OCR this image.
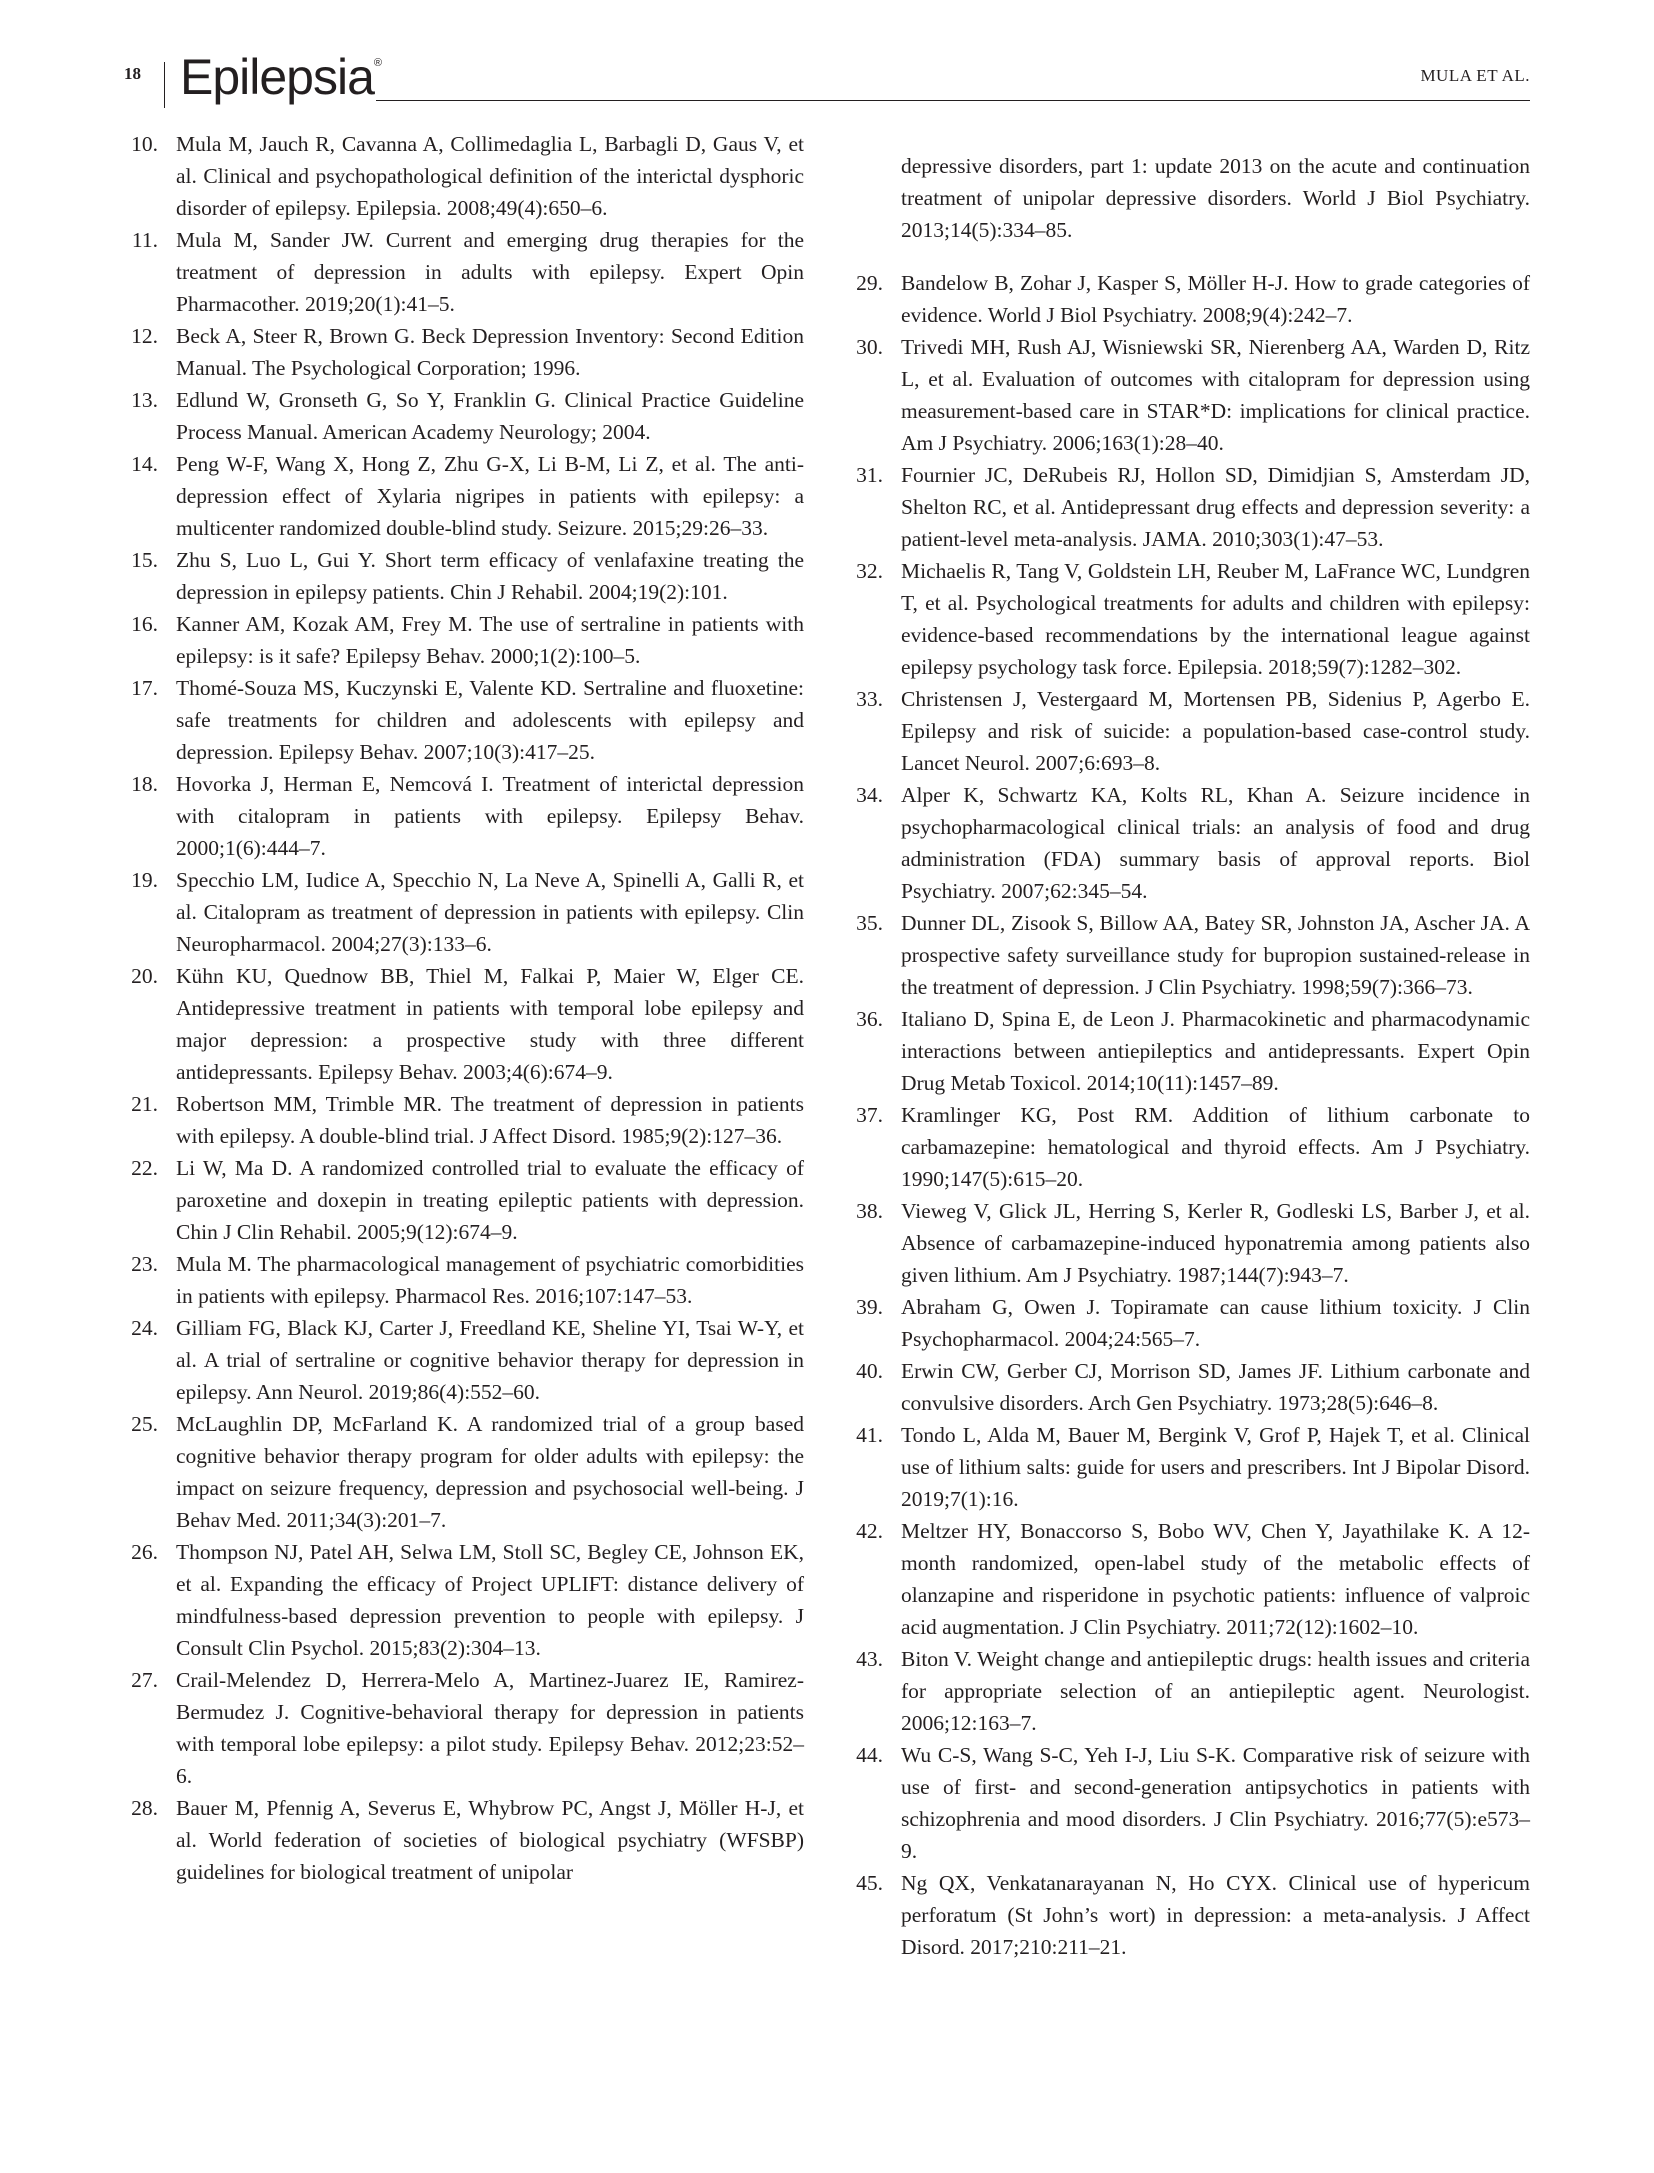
18 Epilepsia®
MULA ET AL.
10. Mula M, Jauch R, Cavanna A, Collimedaglia L, Barbagli D, Gaus V, et al. Clinical and psychopathological definition of the interictal dysphoric disorder of epilepsy. Epilepsia. 2008;49(4):650–6.
11. Mula M, Sander JW. Current and emerging drug therapies for the treatment of depression in adults with epilepsy. Expert Opin Pharmacother. 2019;20(1):41–5.
12. Beck A, Steer R, Brown G. Beck Depression Inventory: Second Edition Manual. The Psychological Corporation; 1996.
13. Edlund W, Gronseth G, So Y, Franklin G. Clinical Practice Guideline Process Manual. American Academy Neurology; 2004.
14. Peng W-F, Wang X, Hong Z, Zhu G-X, Li B-M, Li Z, et al. The anti-depression effect of Xylaria nigripes in patients with epilepsy: a multicenter randomized double-blind study. Seizure. 2015;29:26–33.
15. Zhu S, Luo L, Gui Y. Short term efficacy of venlafaxine treating the depression in epilepsy patients. Chin J Rehabil. 2004;19(2):101.
16. Kanner AM, Kozak AM, Frey M. The use of sertraline in patients with epilepsy: is it safe? Epilepsy Behav. 2000;1(2):100–5.
17. Thomé-Souza MS, Kuczynski E, Valente KD. Sertraline and fluoxetine: safe treatments for children and adolescents with epilepsy and depression. Epilepsy Behav. 2007;10(3):417–25.
18. Hovorka J, Herman E, Nemcová I. Treatment of interictal depression with citalopram in patients with epilepsy. Epilepsy Behav. 2000;1(6):444–7.
19. Specchio LM, Iudice A, Specchio N, La Neve A, Spinelli A, Galli R, et al. Citalopram as treatment of depression in patients with epilepsy. Clin Neuropharmacol. 2004;27(3):133–6.
20. Kühn KU, Quednow BB, Thiel M, Falkai P, Maier W, Elger CE. Antidepressive treatment in patients with temporal lobe epilepsy and major depression: a prospective study with three different antidepressants. Epilepsy Behav. 2003;4(6):674–9.
21. Robertson MM, Trimble MR. The treatment of depression in patients with epilepsy. A double-blind trial. J Affect Disord. 1985;9(2):127–36.
22. Li W, Ma D. A randomized controlled trial to evaluate the efficacy of paroxetine and doxepin in treating epileptic patients with depression. Chin J Clin Rehabil. 2005;9(12):674–9.
23. Mula M. The pharmacological management of psychiatric comorbidities in patients with epilepsy. Pharmacol Res. 2016;107:147–53.
24. Gilliam FG, Black KJ, Carter J, Freedland KE, Sheline YI, Tsai W-Y, et al. A trial of sertraline or cognitive behavior therapy for depression in epilepsy. Ann Neurol. 2019;86(4):552–60.
25. McLaughlin DP, McFarland K. A randomized trial of a group based cognitive behavior therapy program for older adults with epilepsy: the impact on seizure frequency, depression and psychosocial well-being. J Behav Med. 2011;34(3):201–7.
26. Thompson NJ, Patel AH, Selwa LM, Stoll SC, Begley CE, Johnson EK, et al. Expanding the efficacy of Project UPLIFT: distance delivery of mindfulness-based depression prevention to people with epilepsy. J Consult Clin Psychol. 2015;83(2):304–13.
27. Crail-Melendez D, Herrera-Melo A, Martinez-Juarez IE, Ramirez-Bermudez J. Cognitive-behavioral therapy for depression in patients with temporal lobe epilepsy: a pilot study. Epilepsy Behav. 2012;23:52–6.
28. Bauer M, Pfennig A, Severus E, Whybrow PC, Angst J, Möller H-J, et al. World federation of societies of biological psychiatry (WFSBP) guidelines for biological treatment of unipolar

depressive disorders, part 1: update 2013 on the acute and continuation treatment of unipolar depressive disorders. World J Biol Psychiatry. 2013;14(5):334–85.

29. Bandelow B, Zohar J, Kasper S, Möller H-J. How to grade categories of evidence. World J Biol Psychiatry. 2008;9(4):242–7.
30. Trivedi MH, Rush AJ, Wisniewski SR, Nierenberg AA, Warden D, Ritz L, et al. Evaluation of outcomes with citalopram for depression using measurement-based care in STAR*D: implications for clinical practice. Am J Psychiatry. 2006;163(1):28–40.
31. Fournier JC, DeRubeis RJ, Hollon SD, Dimidjian S, Amsterdam JD, Shelton RC, et al. Antidepressant drug effects and depression severity: a patient-level meta-analysis. JAMA. 2010;303(1):47–53.
32. Michaelis R, Tang V, Goldstein LH, Reuber M, LaFrance WC, Lundgren T, et al. Psychological treatments for adults and children with epilepsy: evidence-based recommendations by the international league against epilepsy psychology task force. Epilepsia. 2018;59(7):1282–302.
33. Christensen J, Vestergaard M, Mortensen PB, Sidenius P, Agerbo E. Epilepsy and risk of suicide: a population-based case-control study. Lancet Neurol. 2007;6:693–8.
34. Alper K, Schwartz KA, Kolts RL, Khan A. Seizure incidence in psychopharmacological clinical trials: an analysis of food and drug administration (FDA) summary basis of approval reports. Biol Psychiatry. 2007;62:345–54.
35. Dunner DL, Zisook S, Billow AA, Batey SR, Johnston JA, Ascher JA. A prospective safety surveillance study for bupropion sustained-release in the treatment of depression. J Clin Psychiatry. 1998;59(7):366–73.
36. Italiano D, Spina E, de Leon J. Pharmacokinetic and pharmacodynamic interactions between antiepileptics and antidepressants. Expert Opin Drug Metab Toxicol. 2014;10(11):1457–89.
37. Kramlinger KG, Post RM. Addition of lithium carbonate to carbamazepine: hematological and thyroid effects. Am J Psychiatry. 1990;147(5):615–20.
38. Vieweg V, Glick JL, Herring S, Kerler R, Godleski LS, Barber J, et al. Absence of carbamazepine-induced hyponatremia among patients also given lithium. Am J Psychiatry. 1987;144(7):943–7.
39. Abraham G, Owen J. Topiramate can cause lithium toxicity. J Clin Psychopharmacol. 2004;24:565–7.
40. Erwin CW, Gerber CJ, Morrison SD, James JF. Lithium carbonate and convulsive disorders. Arch Gen Psychiatry. 1973;28(5):646–8.
41. Tondo L, Alda M, Bauer M, Bergink V, Grof P, Hajek T, et al. Clinical use of lithium salts: guide for users and prescribers. Int J Bipolar Disord. 2019;7(1):16.
42. Meltzer HY, Bonaccorso S, Bobo WV, Chen Y, Jayathilake K. A 12-month randomized, open-label study of the metabolic effects of olanzapine and risperidone in psychotic patients: influence of valproic acid augmentation. J Clin Psychiatry. 2011;72(12):1602–10.
43. Biton V. Weight change and antiepileptic drugs: health issues and criteria for appropriate selection of an antiepileptic agent. Neurologist. 2006;12:163–7.
44. Wu C-S, Wang S-C, Yeh I-J, Liu S-K. Comparative risk of seizure with use of first- and second-generation antipsychotics in patients with schizophrenia and mood disorders. J Clin Psychiatry. 2016;77(5):e573–9.
45. Ng QX, Venkatanarayanan N, Ho CYX. Clinical use of hypericum perforatum (St John’s wort) in depression: a meta-analysis. J Affect Disord. 2017;210:211–21.
